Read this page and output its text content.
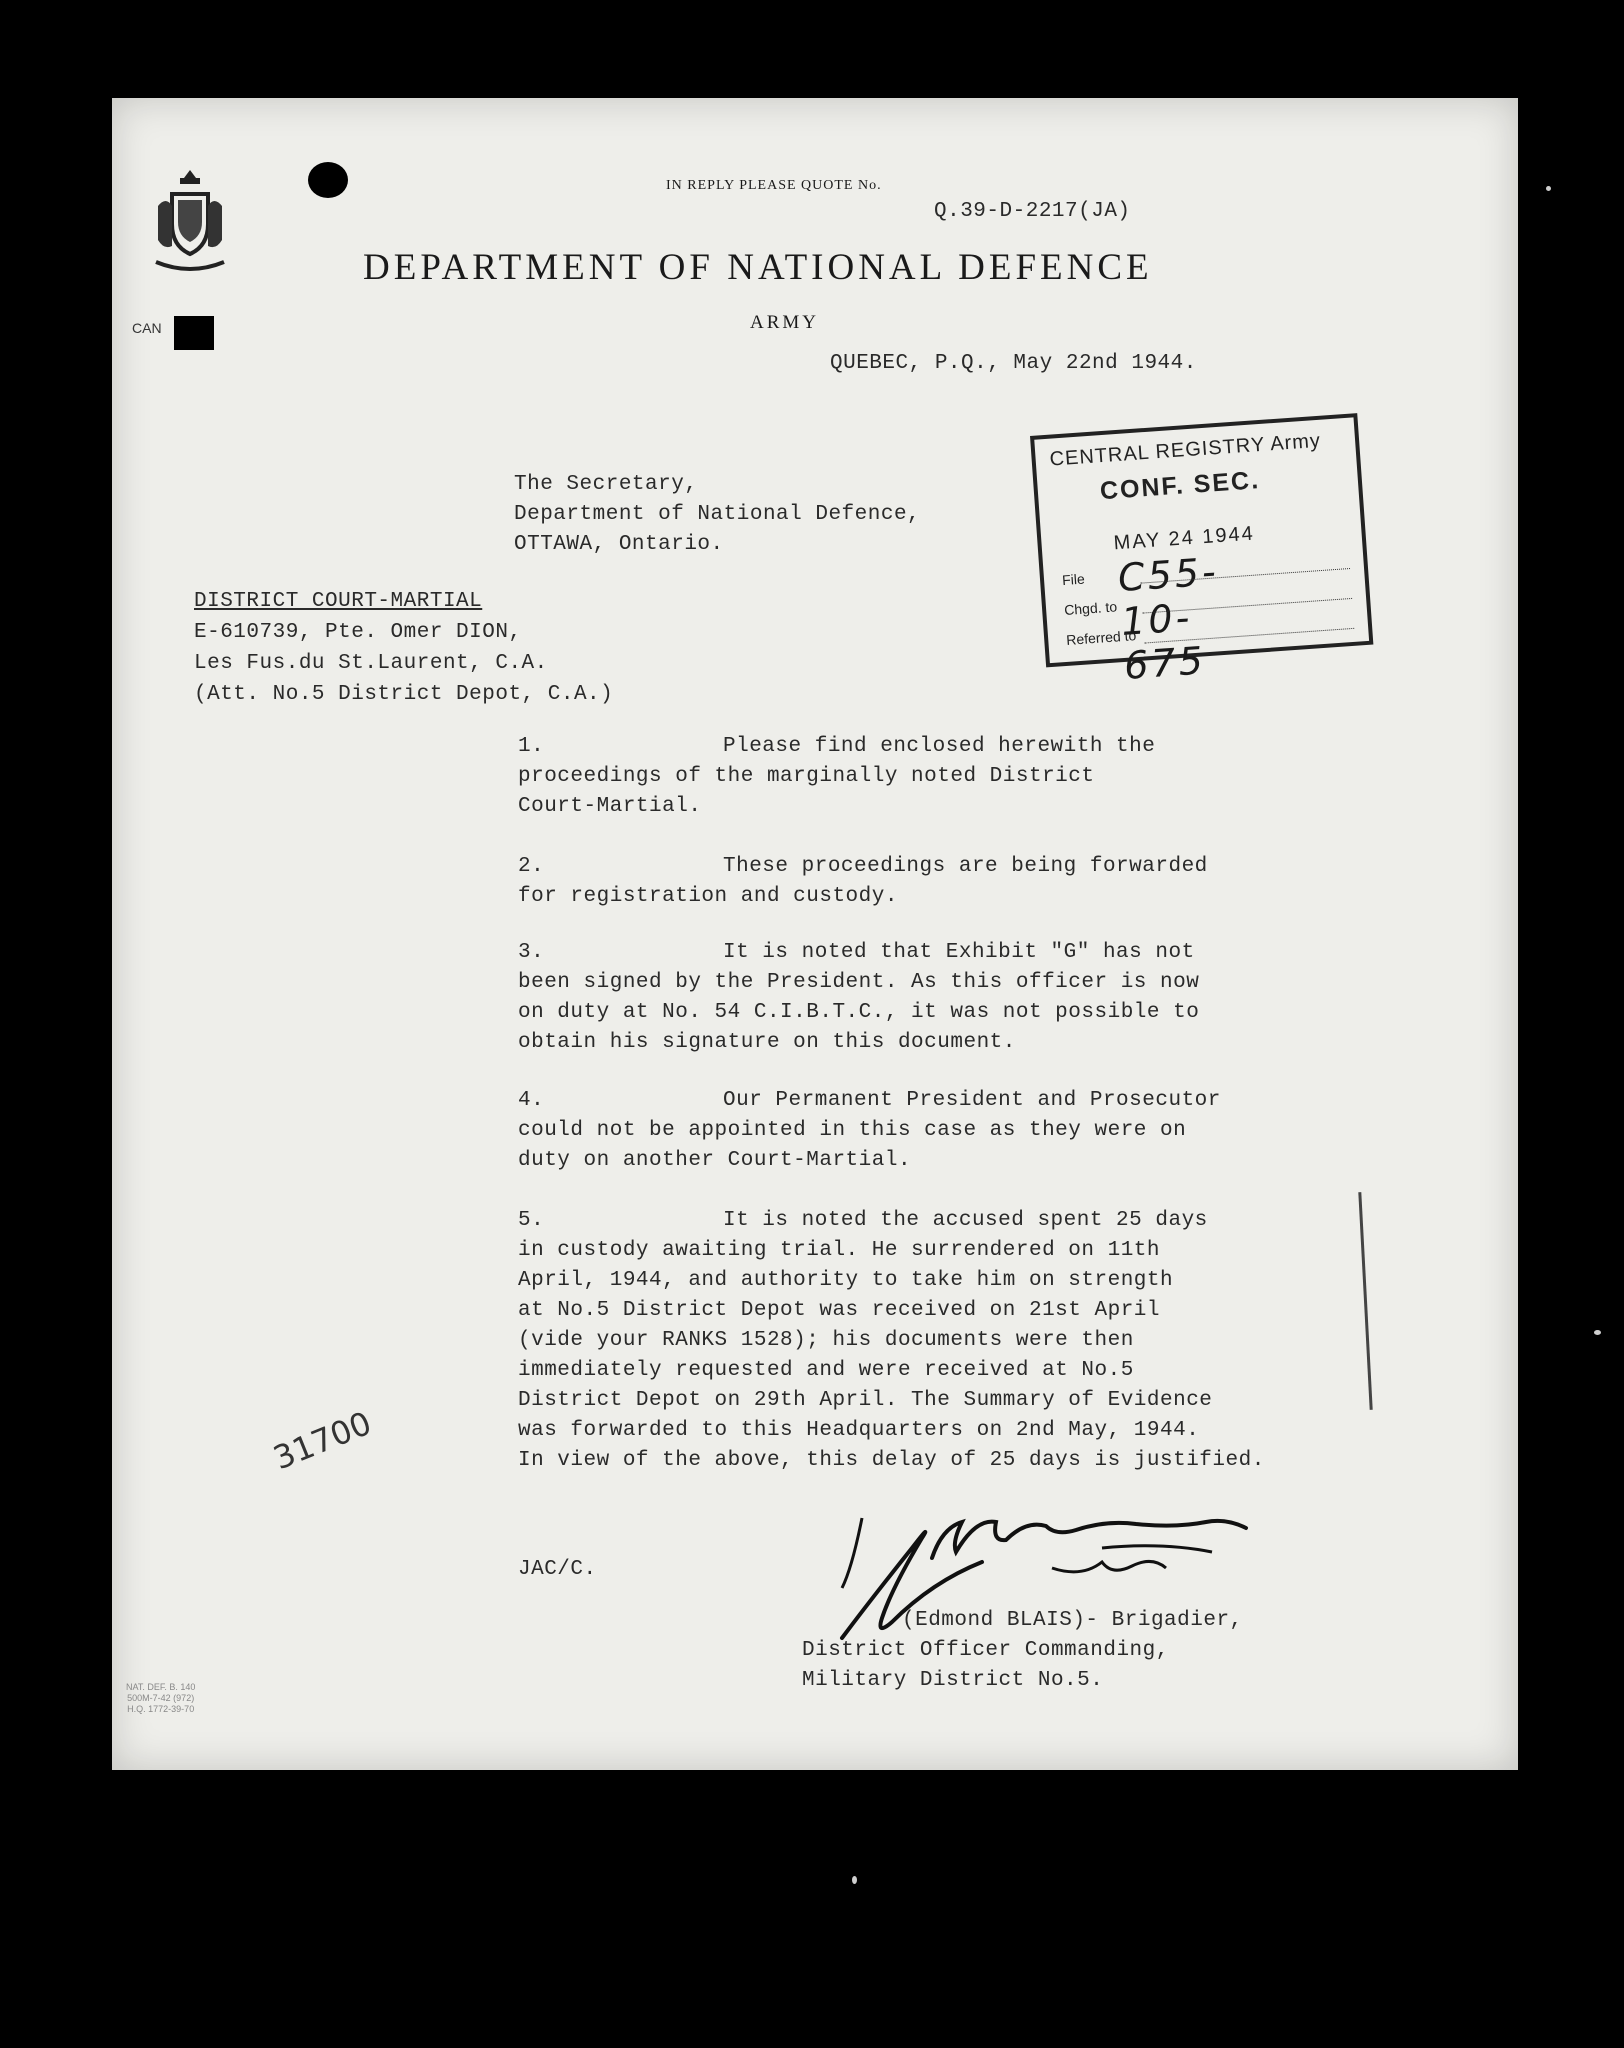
CAN
IN REPLY PLEASE QUOTE No.
Q.39-D-2217(JA)
DEPARTMENT OF NATIONAL DEFENCE
ARMY
QUEBEC, P.Q., May 22nd 1944.
CENTRAL REGISTRY Army
CONF. SEC.
MAY 24 1944
File C55-10-675
Chgd. to
Referred to
The Secretary,
Department of National Defence,
OTTAWA, Ontario.
DISTRICT COURT-MARTIAL
E-610739, Pte. Omer DION,
Les Fus.du St.Laurent, C.A.
(Att. No.5 District Depot, C.A.)
1.	Please find enclosed herewith the
proceedings of the marginally noted District
Court-Martial.
2.	These proceedings are being forwarded
for registration and custody.
3.	It is noted that Exhibit "G" has not
been signed by the President. As this officer is now
on duty at No. 54 C.I.B.T.C., it was not possible to
obtain his signature on this document.
4.	Our Permanent President and Prosecutor
could not be appointed in this case as they were on
duty on another Court-Martial.
5.	It is noted the accused spent 25 days
in custody awaiting trial. He surrendered on 11th
April, 1944, and authority to take him on strength
at No.5 District Depot was received on 21st April
(vide your RANKS 1528); his documents were then
immediately requested and were received at No.5
District Depot on 29th April. The Summary of Evidence
was forwarded to this Headquarters on 2nd May, 1944.
In view of the above, this delay of 25 days is justified.
31700
JAC/C.
(Edmond BLAIS)- Brigadier,
District Officer Commanding,
Military District No.5.
NAT. DEF. B. 140
500M-7-42 (972)
H.Q. 1772-39-70
